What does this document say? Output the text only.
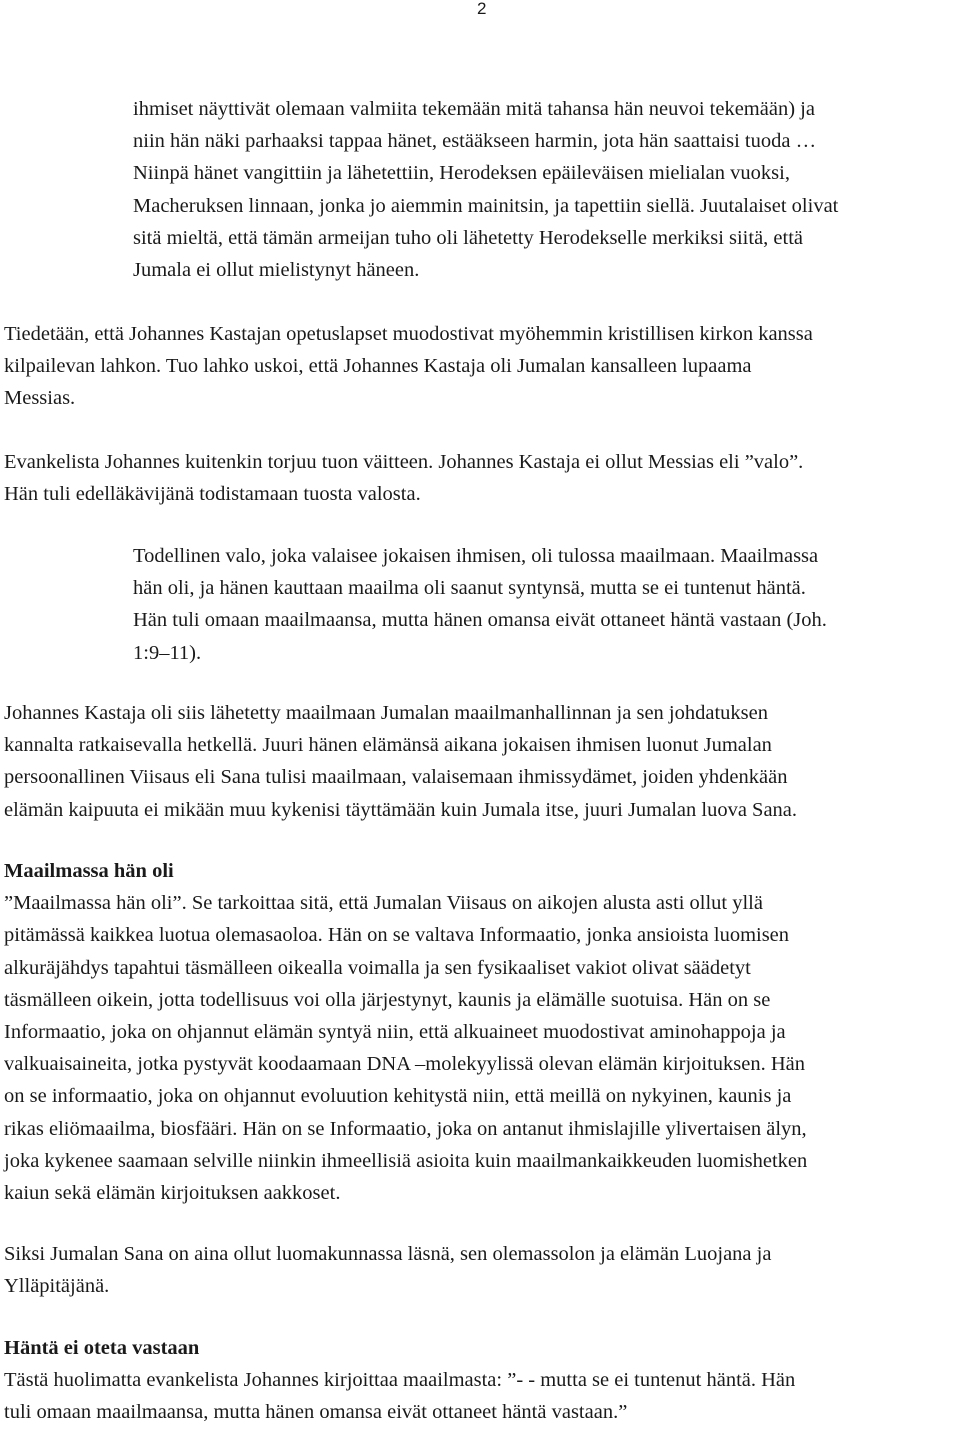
2
ihmiset näyttivät olemaan valmiita tekemään mitä tahansa hän neuvoi tekemään) ja
niin hän näki parhaaksi tappaa hänet, estääkseen harmin, jota hän saattaisi tuoda …
Niinpä hänet vangittiin ja lähetettiin, Herodeksen epäileväisen mielialan vuoksi,
Macheruksen linnaan, jonka jo aiemmin mainitsin, ja tapettiin siellä. Juutalaiset olivat
sitä mieltä, että tämän armeijan tuho oli lähetetty Herodekselle merkiksi siitä, että
Jumala ei ollut mielistynyt häneen.
Tiedetään, että Johannes Kastajan opetuslapset muodostivat myöhemmin kristillisen kirkon kanssa
kilpailevan lahkon. Tuo lahko uskoi, että Johannes Kastaja oli Jumalan kansalleen lupaama
Messias.
Evankelista Johannes kuitenkin torjuu tuon väitteen. Johannes Kastaja ei ollut Messias eli ”valo”.
Hän tuli edelläkävijänä todistamaan tuosta valosta.
Todellinen valo, joka valaisee jokaisen ihmisen, oli tulossa maailmaan. Maailmassa
hän oli, ja hänen kauttaan maailma oli saanut syntynsä, mutta se ei tuntenut häntä.
Hän tuli omaan maailmaansa, mutta hänen omansa eivät ottaneet häntä vastaan (Joh.
1:9–11).
Johannes Kastaja oli siis lähetetty maailmaan Jumalan maailmanhallinnan ja sen johdatuksen
kannalta ratkaisevalla hetkellä. Juuri hänen elämänsä aikana jokaisen ihmisen luonut Jumalan
persoonallinen Viisaus eli Sana tulisi maailmaan, valaisemaan ihmissydämet, joiden yhdenkään
elämän kaipuuta ei mikään muu kykenisi täyttämään kuin Jumala itse, juuri Jumalan luova Sana.
Maailmassa hän oli
”Maailmassa hän oli”. Se tarkoittaa sitä, että Jumalan Viisaus on aikojen alusta asti ollut yllä
pitämässä kaikkea luotua olemasaoloa. Hän on se valtava Informaatio, jonka ansioista luomisen
alkuräjähdys tapahtui täsmälleen oikealla voimalla ja sen fysikaaliset vakiot olivat säädetyt
täsmälleen oikein, jotta todellisuus voi olla järjestynyt, kaunis ja elämälle suotuisa. Hän on se
Informaatio, joka on ohjannut elämän syntyä niin, että alkuaineet muodostivat aminohappoja ja
valkuaisaineita, jotka pystyvät koodaamaan DNA –molekyylissä olevan elämän kirjoituksen. Hän
on se informaatio, joka on ohjannut evoluution kehitystä niin, että meillä on nykyinen, kaunis ja
rikas eliömaailma, biosfääri. Hän on se Informaatio, joka on antanut ihmislajille ylivertaisen älyn,
joka kykenee saamaan selville niinkin ihmeellisiä asioita kuin maailmankaikkeuden luomishetken
kaiun sekä elämän kirjoituksen aakkoset.
Siksi Jumalan Sana on aina ollut luomakunnassa läsnä, sen olemassolon ja elämän Luojana ja
Ylläpitäjänä.
Häntä ei oteta vastaan
Tästä huolimatta evankelista Johannes kirjoittaa maailmasta: ”- - mutta se ei tuntenut häntä. Hän
tuli omaan maailmaansa, mutta hänen omansa eivät ottaneet häntä vastaan.”
